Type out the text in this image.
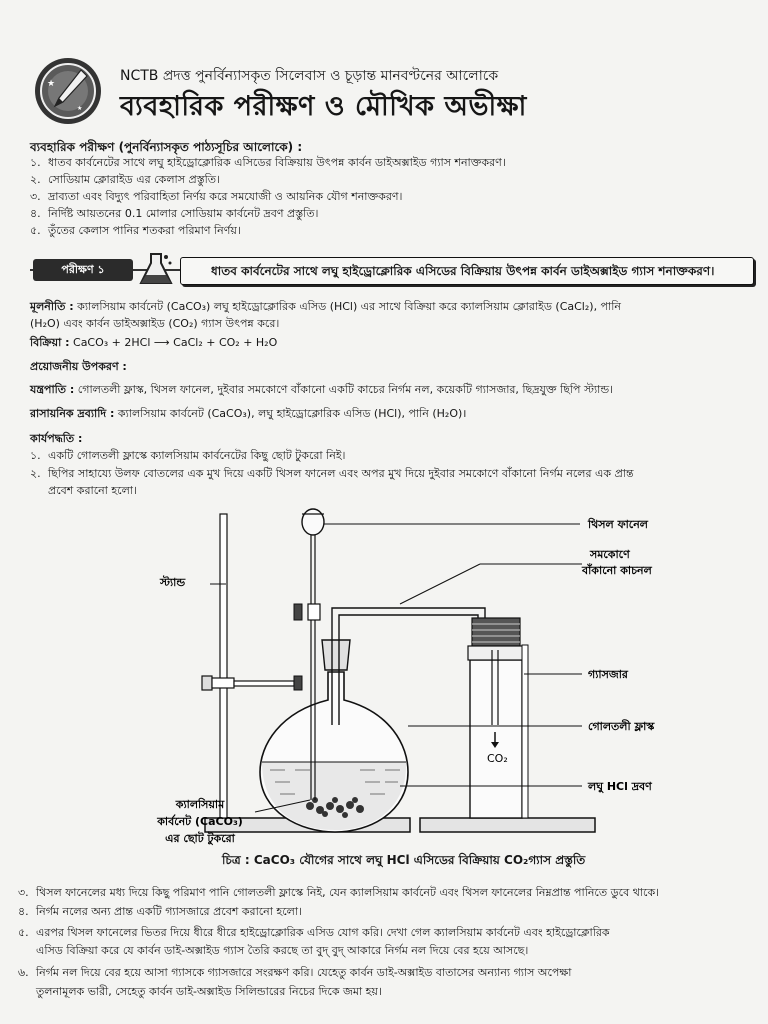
★
★
NCTB প্রদত্ত পুনর্বিন্যাসকৃত সিলেবাস ও চূড়ান্ত মানবণ্টনের আলোকে
ব্যবহারিক পরীক্ষণ ও মৌখিক অভীক্ষা
ব্যবহারিক পরীক্ষণ (পুনর্বিন্যাসকৃত পাঠ্যসূচির আলোকে) :
১. ধাতব কার্বনেটের সাথে লঘু হাইড্রোক্লোরিক এসিডের বিক্রিয়ায় উৎপন্ন কার্বন ডাইঅক্সাইড গ্যাস শনাক্তকরণ।
২. সোডিয়াম ক্লোরাইড এর কেলাস প্রস্তুতি।
৩. দ্রাব্যতা এবং বিদ্যুৎ পরিবাহিতা নির্ণয় করে সমযোজী ও আয়নিক যৌগ শনাক্তকরণ।
৪. নির্দিষ্ট আয়তনের 0.1 মোলার সোডিয়াম কার্বনেট দ্রবণ প্রস্তুতি।
৫. তুঁতের কেলাস পানির শতকরা পরিমাণ নির্ণয়।
পরীক্ষণ ১	ধাতব কার্বনেটের সাথে লঘু হাইড্রোক্লোরিক এসিডের বিক্রিয়ায় উৎপন্ন কার্বন ডাইঅক্সাইড গ্যাস শনাক্তকরণ।
মূলনীতি : ক্যালসিয়াম কার্বনেট (CaCO₃) লঘু হাইড্রোক্লোরিক এসিড (HCl) এর সাথে বিক্রিয়া করে ক্যালসিয়াম ক্লোরাইড (CaCl₂), পানি
(H₂O) এবং কার্বন ডাইঅক্সাইড (CO₂) গ্যাস উৎপন্ন করে।
বিক্রিয়া : CaCO₃ + 2HCl ⟶ CaCl₂ + CO₂ + H₂O
প্রয়োজনীয় উপকরণ :
যন্ত্রপাতি : গোলতলী ফ্লাস্ক, থিসল ফানেল, দুইবার সমকোণে বাঁকানো একটি কাচের নির্গম নল, কয়েকটি গ্যাসজার, ছিদ্রযুক্ত ছিপি স্ট্যান্ড।
রাসায়নিক দ্রব্যাদি : ক্যালসিয়াম কার্বনেট (CaCO₃), লঘু হাইড্রোক্লোরিক এসিড (HCl), পানি (H₂O)।
কার্যপদ্ধতি :
১. একটি গোলতলী ফ্লাস্কে ক্যালসিয়াম কার্বনেটের কিছু ছোট টুকরো নিই।
২. ছিপির সাহায্যে উলফ বোতলের এক মুখ দিয়ে একটি থিসল ফানেল এবং অপর মুখ দিয়ে দুইবার সমকোণে বাঁকানো নির্গম নলের এক প্রান্ত
প্রবেশ করানো হলো।
থিসল ফানেল
সমকোণে
বাঁকানো কাচনল
স্ট্যান্ড
গ্যাসজার
গোলতলী ফ্লাস্ক
CO₂
লঘু HCl দ্রবণ
ক্যালসিয়াম
কার্বনেট (CaCO₃)
এর ছোট টুকরো
চিত্র : CaCO₃ যৌগের সাথে লঘু HCl এসিডের বিক্রিয়ায় CO₂গ্যাস প্রস্তুতি
৩. থিসল ফানেলের মধ্য দিয়ে কিছু পরিমাণ পানি গোলতলী ফ্লাস্কে নিই, যেন ক্যালসিয়াম কার্বনেট এবং থিসল ফানেলের নিম্নপ্রান্ত পানিতে ডুবে থাকে।
৪. নির্গম নলের অন্য প্রান্ত একটি গ্যাসজারে প্রবেশ করানো হলো।
৫. এরপর থিসল ফানেলের ভিতর দিয়ে ধীরে ধীরে হাইড্রোক্লোরিক এসিড যোগ করি। দেখা গেল ক্যালসিয়াম কার্বনেট এবং হাইড্রোক্লোরিক
এসিড বিক্রিয়া করে যে কার্বন ডাই-অক্সাইড গ্যাস তৈরি করছে তা বুদ্‌ বুদ্‌ আকারে নির্গম নল দিয়ে বের হয়ে আসছে।
৬. নির্গম নল দিয়ে বের হয়ে আসা গ্যাসকে গ্যাসজারে সংরক্ষণ করি। যেহেতু কার্বন ডাই-অক্সাইড বাতাসের অন্যান্য গ্যাস অপেক্ষা
তুলনামূলক ভারী, সেহেতু কার্বন ডাই-অক্সাইড সিলিন্ডারের নিচের দিকে জমা হয়।
